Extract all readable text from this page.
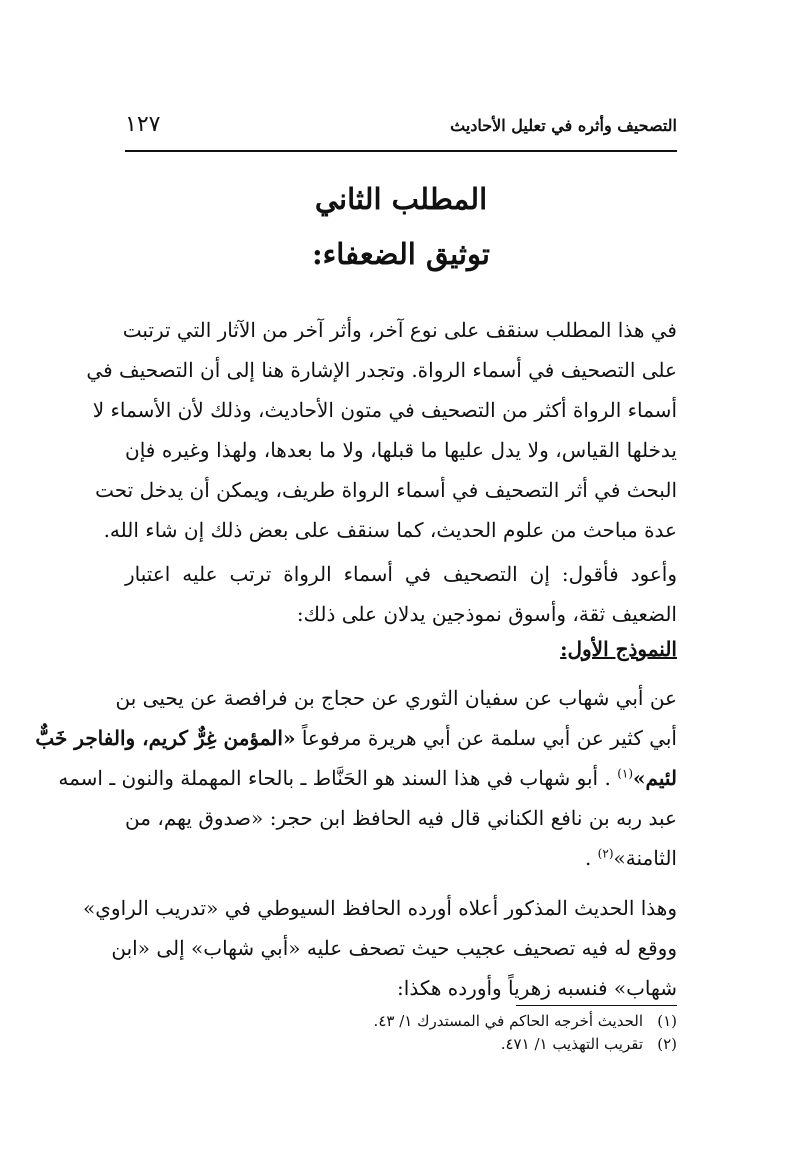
التصحيف وأثره في تعليل الأحاديث
١٢٧
المطلب الثاني
توثيق الضعفاء:
في هذا المطلب سنقف على نوع آخر، وأثر آخر من الآثار التي ترتبت
على التصحيف في أسماء الرواة. وتجدر الإشارة هنا إلى أن التصحيف في
أسماء الرواة أكثر من التصحيف في متون الأحاديث، وذلك لأن الأسماء لا
يدخلها القياس، ولا يدل عليها ما قبلها، ولا ما بعدها، ولهذا وغيره فإن
البحث في أثر التصحيف في أسماء الرواة طريف، ويمكن أن يدخل تحت
عدة مباحث من علوم الحديث، كما سنقف على بعض ذلك إن شاء الله.
وأعود فأقول: إن التصحيف في أسماء الرواة ترتب عليه اعتبار
الضعيف ثقة، وأسوق نموذجين يدلان على ذلك:
النموذج الأول:
عن أبي شهاب عن سفيان الثوري عن حجاج بن فرافصة عن يحيى بن
أبي كثير عن أبي سلمة عن أبي هريرة مرفوعاً «المؤمن غِرٌّ كريم، والفاجر خَبٌّ
لئيم»$^{(١)}$ . أبو شهاب في هذا السند هو الحَنَّاط ـ بالحاء المهملة والنون ـ اسمه
عبد ربه بن نافع الكناني قال فيه الحافظ ابن حجر: «صدوق يهم، من
الثامنة»$^{(٢)}$ .
وهذا الحديث المذكور أعلاه أورده الحافظ السيوطي في «تدريب الراوي»
ووقع له فيه تصحيف عجيب حيث تصحف عليه «أبي شهاب» إلى «ابن
شهاب» فنسبه زهرياً وأورده هكذا:
(١)الحديث أخرجه الحاكم في المستدرك ١/ ٤٣.
(٢)تقريب التهذيب ١/ ٤٧١.
